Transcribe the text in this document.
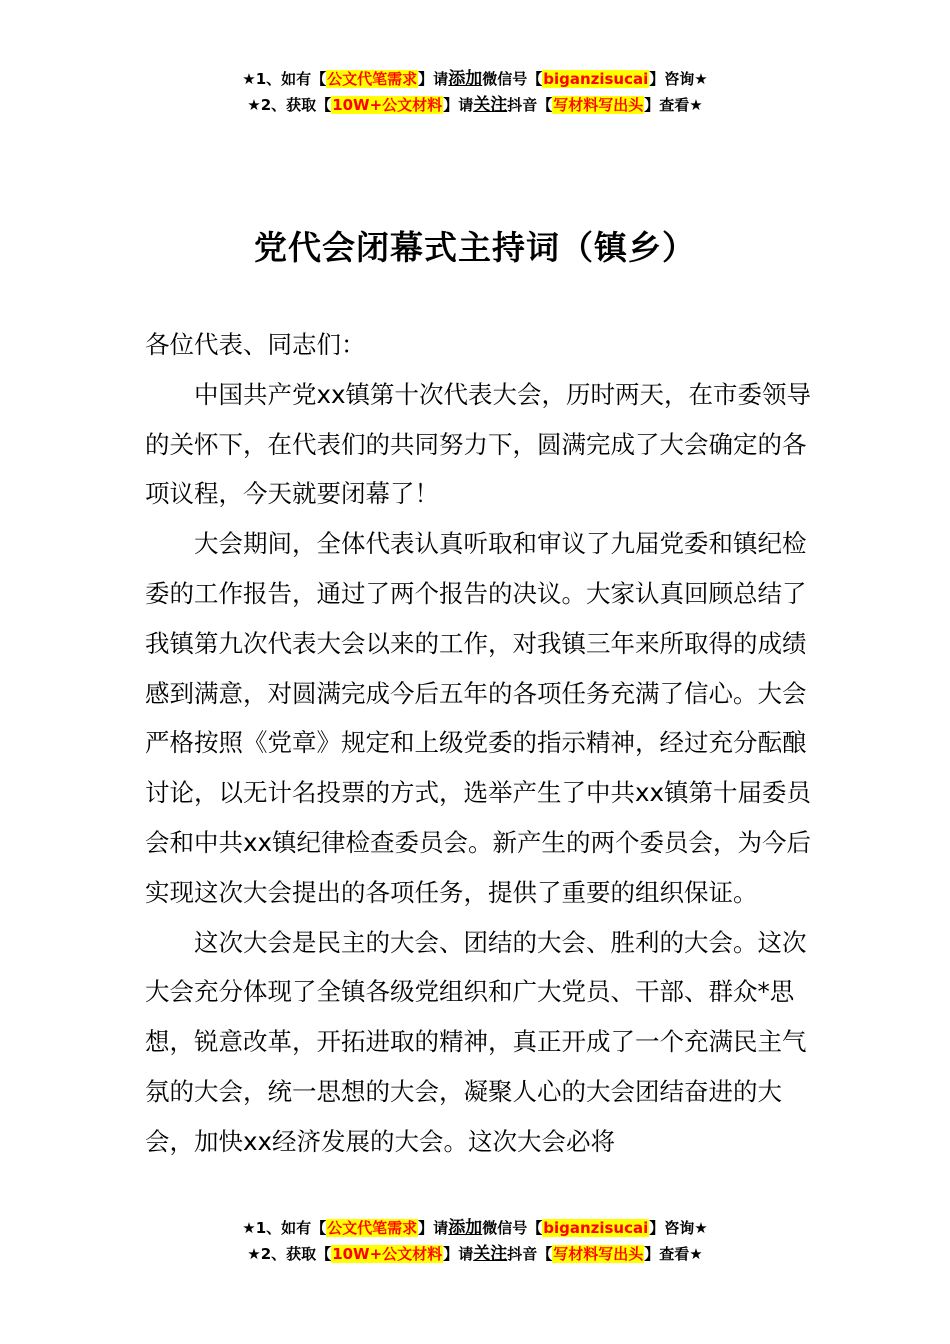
★1、如有【公文代笔需求】请添加微信号【biganzisucai】咨询★
★2、获取【10W+公文材料】请关注抖音【写材料写出头】查看★
党代会闭幕式主持词（镇乡）

各位代表、同志们：

中国共产党xx镇第十次代表大会，历时两天，在市委领导的关怀下，在代表们的共同努力下，圆满完成了大会确定的各项议程，今天就要闭幕了！

大会期间，全体代表认真听取和审议了九届党委和镇纪检委的工作报告，通过了两个报告的决议。大家认真回顾总结了我镇第九次代表大会以来的工作，对我镇三年来所取得的成绩感到满意，对圆满完成今后五年的各项任务充满了信心。大会严格按照《党章》规定和上级党委的指示精神，经过充分酝酿讨论，以无计名投票的方式，选举产生了中共xx镇第十届委员会和中共xx镇纪律检查委员会。新产生的两个委员会，为今后实现这次大会提出的各项任务，提供了重要的组织保证。

这次大会是民主的大会、团结的大会、胜利的大会。这次大会充分体现了全镇各级党组织和广大党员、干部、群众*思想，锐意改革，开拓进取的精神，真正开成了一个充满民主气氛的大会，统一思想的大会，凝聚人心的大会团结奋进的大会，加快xx经济发展的大会。这次大会必将

★1、如有【公文代笔需求】请添加微信号【biganzisucai】咨询★
★2、获取【10W+公文材料】请关注抖音【写材料写出头】查看★
